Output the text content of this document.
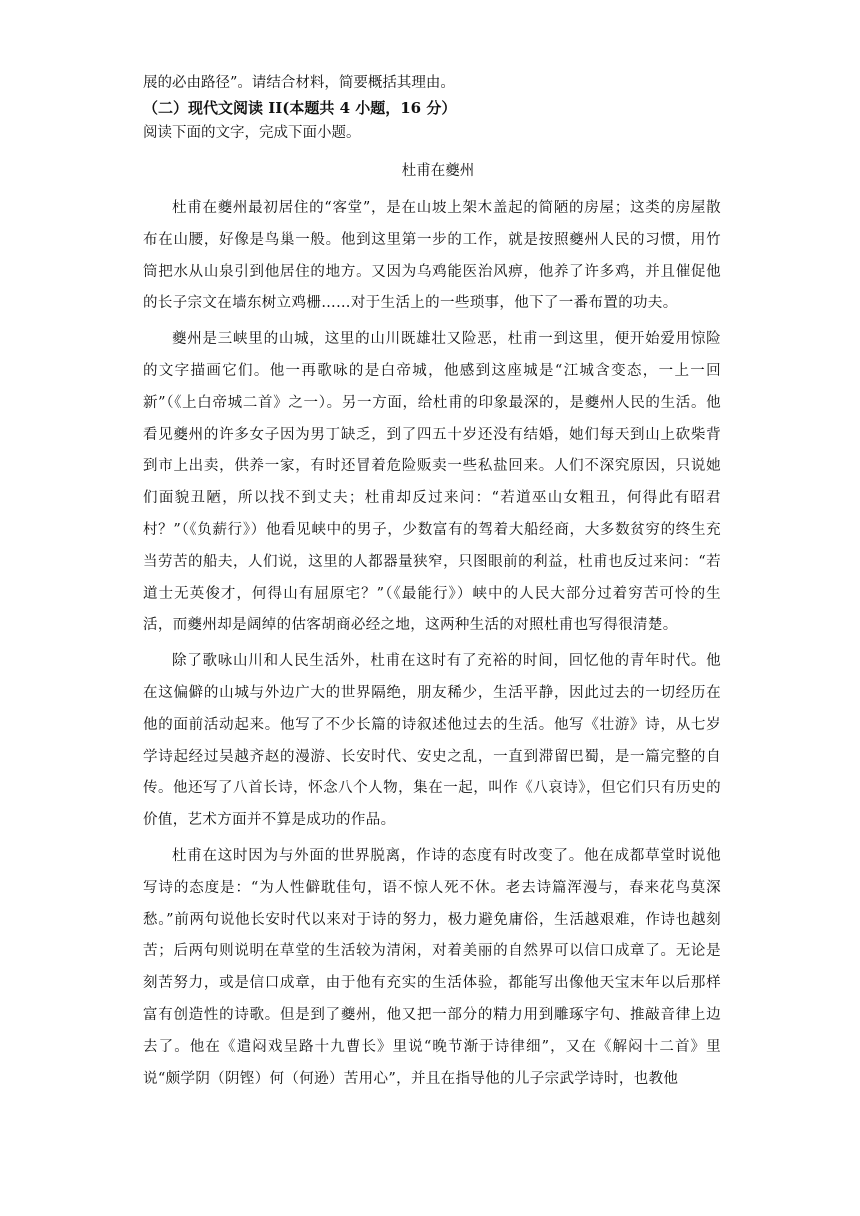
展的必由路径”。请结合材料，简要概括其理由。
（二）现代文阅读 II(本题共 4 小题，16 分）
阅读下面的文字，完成下面小题。
杜甫在夔州

杜甫在夔州最初居住的“客堂”，是在山坡上架木盖起的简陋的房屋；这类的房屋散布在山腰，好像是鸟巢一般。他到这里第一步的工作，就是按照夔州人民的习惯，用竹筒把水从山泉引到他居住的地方。又因为乌鸡能医治风痹，他养了许多鸡，并且催促他的长子宗文在墙东树立鸡栅……对于生活上的一些琐事，他下了一番布置的功夫。

夔州是三峡里的山城，这里的山川既雄壮又险恶，杜甫一到这里，便开始爱用惊险的文字描画它们。他一再歌咏的是白帝城，他感到这座城是“江城含变态，一上一回新”（《上白帝城二首》之一）。另一方面，给杜甫的印象最深的，是夔州人民的生活。他看见夔州的许多女子因为男丁缺乏，到了四五十岁还没有结婚，她们每天到山上砍柴背到市上出卖，供养一家，有时还冒着危险贩卖一些私盐回来。人们不深究原因，只说她们面貌丑陋，所以找不到丈夫；杜甫却反过来问：“若道巫山女粗丑，何得此有昭君村？”（《负薪行》）他看见峡中的男子，少数富有的驾着大船经商，大多数贫穷的终生充当劳苦的船夫，人们说，这里的人都器量狭窄，只图眼前的利益，杜甫也反过来问：“若道士无英俊才，何得山有屈原宅？”（《最能行》）峡中的人民大部分过着穷苦可怜的生活，而夔州却是阔绰的估客胡商必经之地，这两种生活的对照杜甫也写得很清楚。

除了歌咏山川和人民生活外，杜甫在这时有了充裕的时间，回忆他的青年时代。他在这偏僻的山城与外边广大的世界隔绝，朋友稀少，生活平静，因此过去的一切经历在他的面前活动起来。他写了不少长篇的诗叙述他过去的生活。他写《壮游》诗，从七岁学诗起经过吴越齐赵的漫游、长安时代、安史之乱，一直到滞留巴蜀，是一篇完整的自传。他还写了八首长诗，怀念八个人物，集在一起，叫作《八哀诗》，但它们只有历史的价值，艺术方面并不算是成功的作品。

杜甫在这时因为与外面的世界脱离，作诗的态度有时改变了。他在成都草堂时说他写诗的态度是：“为人性僻耽佳句，语不惊人死不休。老去诗篇浑漫与，春来花鸟莫深愁。”前两句说他长安时代以来对于诗的努力，极力避免庸俗，生活越艰难，作诗也越刻苦；后两句则说明在草堂的生活较为清闲，对着美丽的自然界可以信口成章了。无论是刻苦努力，或是信口成章，由于他有充实的生活体验，都能写出像他天宝末年以后那样富有创造性的诗歌。但是到了夔州，他又把一部分的精力用到雕琢字句、推敲音律上边去了。他在《遣闷戏呈路十九曹长》里说“晚节渐于诗律细”，又在《解闷十二首》里说“颇学阴（阴铿）何（何逊）苦用心”，并且在指导他的儿子宗武学诗时，也教他
